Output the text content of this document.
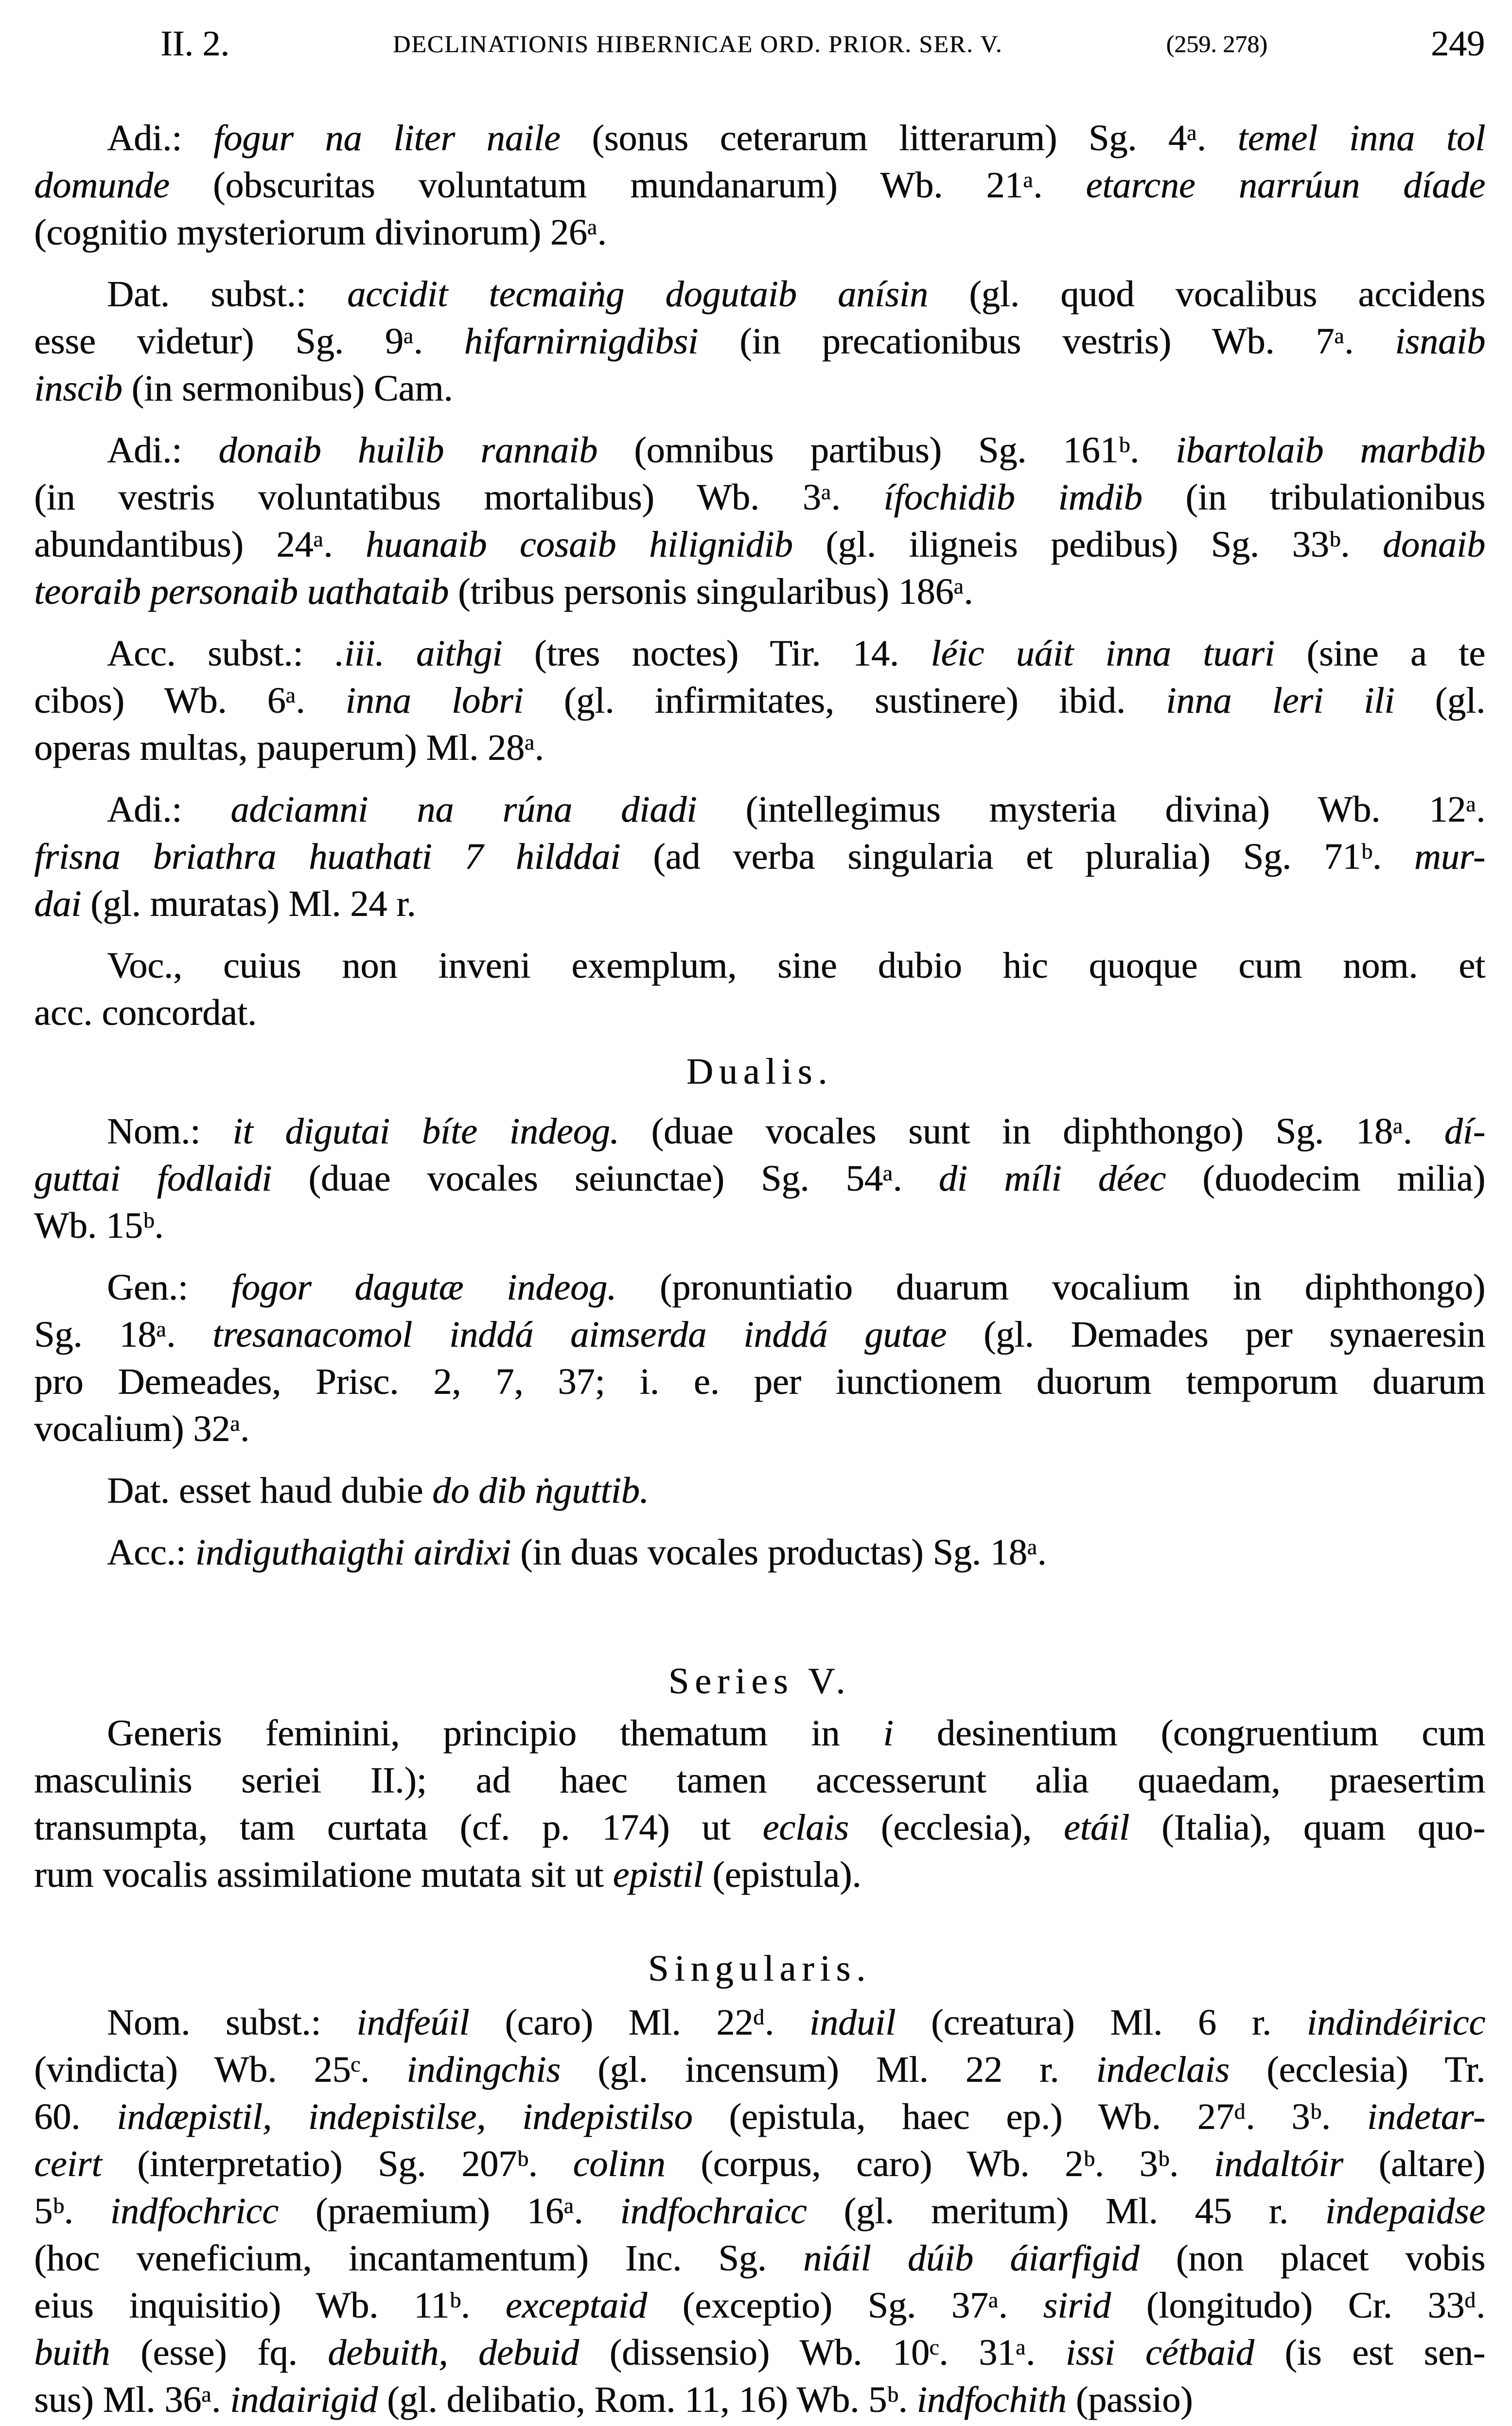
II. 2.	DECLINATIONIS HIBERNICAE ORD. PRIOR. SER. V.	(259. 278)	249
Adi.: fogur na liter naile (sonus ceterarum litterarum) Sg. 4ᵃ. temel inna tol
domunde (obscuritas voluntatum mundanarum) Wb. 21ᵃ. etarcne narrúun díade
(cognitio mysteriorum divinorum) 26ᵃ.
Dat. subst.: accidit tecmaiṅg dogutaib anísin (gl. quod vocalibus accidens
esse videtur) Sg. 9ᵃ. hifarnirnigdibsi (in precationibus vestris) Wb. 7ᵃ. isnaib
inscib (in sermonibus) Cam.
Adi.: donaib huilib rannaib (omnibus partibus) Sg. 161ᵇ. ibartolaib marbdib
(in vestris voluntatibus mortalibus) Wb. 3ᵃ. ífochidib imdib (in tribulationibus
abundantibus) 24ᵃ. huanaib cosaib hilignidib (gl. iligneis pedibus) Sg. 33ᵇ. donaib
teoraib personaib uathataib (tribus personis singularibus) 186ᵃ.
Acc. subst.: .iii. aithgi (tres noctes) Tir. 14. léic uáit inna tuari (sine a te
cibos) Wb. 6ᵃ. inna lobri (gl. infirmitates, sustinere) ibid. inna leri ili (gl.
operas multas, pauperum) Ml. 28ᵃ.
Adi.: adciamni na rúna diadi (intellegimus mysteria divina) Wb. 12ᵃ.
frisna briathra huathati 7 hilddai (ad verba singularia et pluralia) Sg. 71ᵇ. mur-
dai (gl. muratas) Ml. 24 r.
Voc., cuius non inveni exemplum, sine dubio hic quoque cum nom. et
acc. concordat.
Dualis.
Nom.: it digutai bíte indeog. (duae vocales sunt in diphthongo) Sg. 18ᵃ. dí-
guttai fodlaidi (duae vocales seiunctae) Sg. 54ᵃ. di míli déec (duodecim milia)
Wb. 15ᵇ.
Gen.: fogor dagutæ indeog. (pronuntiatio duarum vocalium in diphthongo)
Sg. 18ᵃ. tresanacomol inddá aimserda inddá gutae (gl. Demades per synaeresin
pro Demeades, Prisc. 2, 7, 37; i. e. per iunctionem duorum temporum duarum
vocalium) 32ᵃ.
Dat. esset haud dubie do dib ṅguttib.
Acc.: indiguthaigthi airdixi (in duas vocales productas) Sg. 18ᵃ.
Series V.
Generis feminini, principio thematum in i desinentium (congruentium cum
masculinis seriei II.); ad haec tamen accesserunt alia quaedam, praesertim
transumpta, tam curtata (cf. p. 174) ut eclais (ecclesia), etáil (Italia), quam quo-
rum vocalis assimilatione mutata sit ut epistil (epistula).
Singularis.
Nom. subst.: indfeúil (caro) Ml. 22ᵈ. induil (creatura) Ml. 6 r. indindéiricc
(vindicta) Wb. 25ᶜ. indingchis (gl. incensum) Ml. 22 r. indeclais (ecclesia) Tr.
60. indæpistil, indepistilse, indepistilso (epistula, haec ep.) Wb. 27ᵈ. 3ᵇ. indetar-
ceirt (interpretatio) Sg. 207ᵇ. colinn (corpus, caro) Wb. 2ᵇ. 3ᵇ. indaltóir (altare)
5ᵇ. indfochricc (praemium) 16ᵃ. indfochraicc (gl. meritum) Ml. 45 r. indepaidse
(hoc veneficium, incantamentum) Inc. Sg. niáil dúib áiarfigid (non placet vobis
eius inquisitio) Wb. 11ᵇ. exceptaid (exceptio) Sg. 37ᵃ. sirid (longitudo) Cr. 33ᵈ.
buith (esse) fq. debuith, debuid (dissensio) Wb. 10ᶜ. 31ᵃ. issi cétbaid (is est sen-
sus) Ml. 36ᵃ. indairigid (gl. delibatio, Rom. 11, 16) Wb. 5ᵇ. indfochith (passio)
